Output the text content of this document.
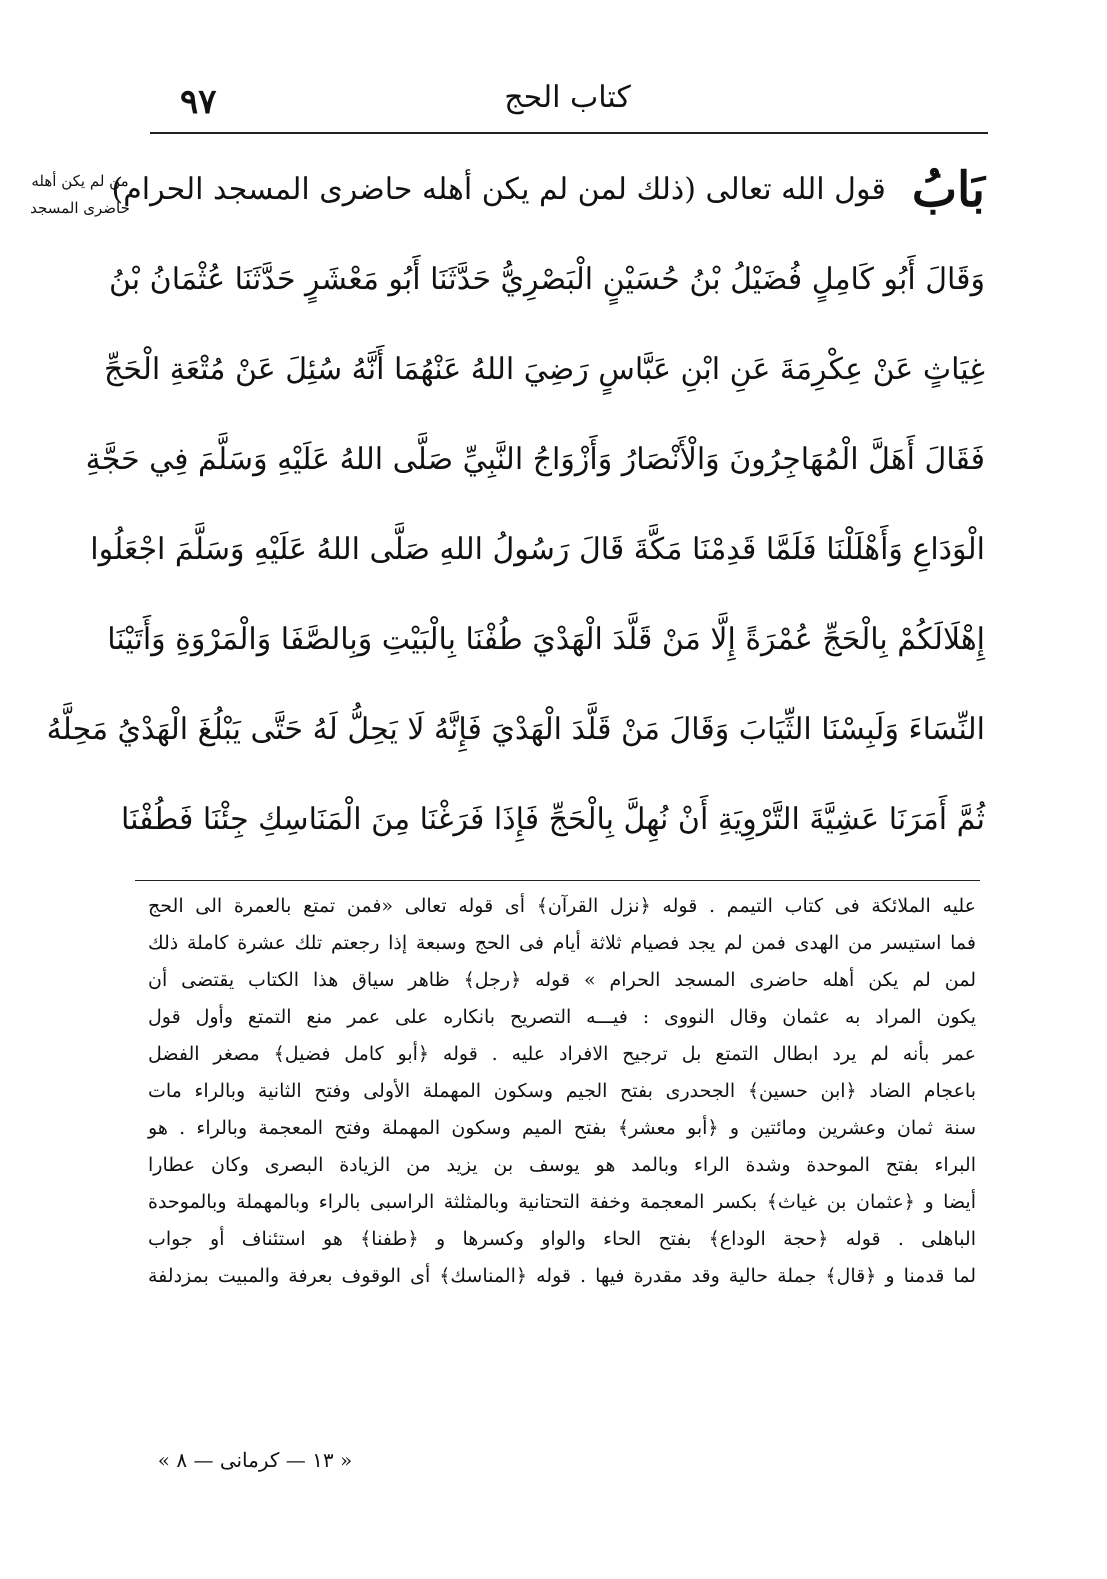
٩٧	كتاب الحج
من لم يكن أهله حاضرى المسجد	بَابُ
قول الله تعالى (ذلك لمن لم يكن أهله حاضرى المسجد الحرام)
وَقَالَ أَبُو كَامِلٍ فُضَيْلُ بْنُ حُسَيْنٍ الْبَصْرِيُّ حَدَّثَنَا أَبُو مَعْشَرٍ حَدَّثَنَا عُثْمَانُ بْنُ
غِيَاثٍ عَنْ عِكْرِمَةَ عَنِ ابْنِ عَبَّاسٍ رَضِيَ اللهُ عَنْهُمَا أَنَّهُ سُئِلَ عَنْ مُتْعَةِ الْحَجِّ
فَقَالَ أَهَلَّ الْمُهَاجِرُونَ وَالْأَنْصَارُ وَأَزْوَاجُ النَّبِيِّ صَلَّى اللهُ عَلَيْهِ وَسَلَّمَ فِي حَجَّةِ
الْوَدَاعِ وَأَهْلَلْنَا فَلَمَّا قَدِمْنَا مَكَّةَ قَالَ رَسُولُ اللهِ صَلَّى اللهُ عَلَيْهِ وَسَلَّمَ اجْعَلُوا
إِهْلَالَكُمْ بِالْحَجِّ عُمْرَةً إِلَّا مَنْ قَلَّدَ الْهَدْيَ طُفْنَا بِالْبَيْتِ وَبِالصَّفَا وَالْمَرْوَةِ وَأَتَيْنَا
النِّسَاءَ وَلَبِسْنَا الثِّيَابَ وَقَالَ مَنْ قَلَّدَ الْهَدْيَ فَإِنَّهُ لَا يَحِلُّ لَهُ حَتَّى يَبْلُغَ الْهَدْيُ مَحِلَّهُ
ثُمَّ أَمَرَنَا عَشِيَّةَ التَّرْوِيَةِ أَنْ نُهِلَّ بِالْحَجِّ فَإِذَا فَرَغْنَا مِنَ الْمَنَاسِكِ جِئْنَا فَطُفْنَا
عليه الملائكة فى كتاب التيمم . قوله ﴿نزل القرآن﴾ أى قوله تعالى «فمن تمتع بالعمرة الى الحج
فما استيسر من الهدى فمن لم يجد فصيام ثلاثة أيام فى الحج وسبعة إذا رجعتم تلك عشرة كاملة ذلك
لمن لم يكن أهله حاضرى المسجد الحرام » قوله ﴿رجل﴾ ظاهر سياق هذا الكتاب يقتضى أن
يكون المراد به عثمان وقال النووى : فيـــه التصريح بانكاره على عمر منع التمتع وأول قول
عمر بأنه لم يرد ابطال التمتع بل ترجيح الافراد عليه . قوله ﴿أبو كامل فضيل﴾ مصغر الفضل
باعجام الضاد ﴿ابن حسين﴾ الجحدرى بفتح الجيم وسكون المهملة الأولى وفتح الثانية وبالراء مات
سنة ثمان وعشرين ومائتين و ﴿أبو معشر﴾ بفتح الميم وسكون المهملة وفتح المعجمة وبالراء . هو
البراء بفتح الموحدة وشدة الراء وبالمد هو يوسف بن يزيد من الزيادة البصرى وكان عطارا
أيضا و ﴿عثمان بن غياث﴾ بكسر المعجمة وخفة التحتانية وبالمثلثة الراسبى بالراء وبالمهملة وبالموحدة
الباهلى . قوله ﴿حجة الوداع﴾ بفتح الحاء والواو وكسرها و ﴿طفنا﴾ هو استئناف أو جواب
لما قدمنا و ﴿قال﴾ جملة حالية وقد مقدرة فيها . قوله ﴿المناسك﴾ أى الوقوف بعرفة والمبيت بمزدلفة
« ١٣ — كرمانى — ٨ »
